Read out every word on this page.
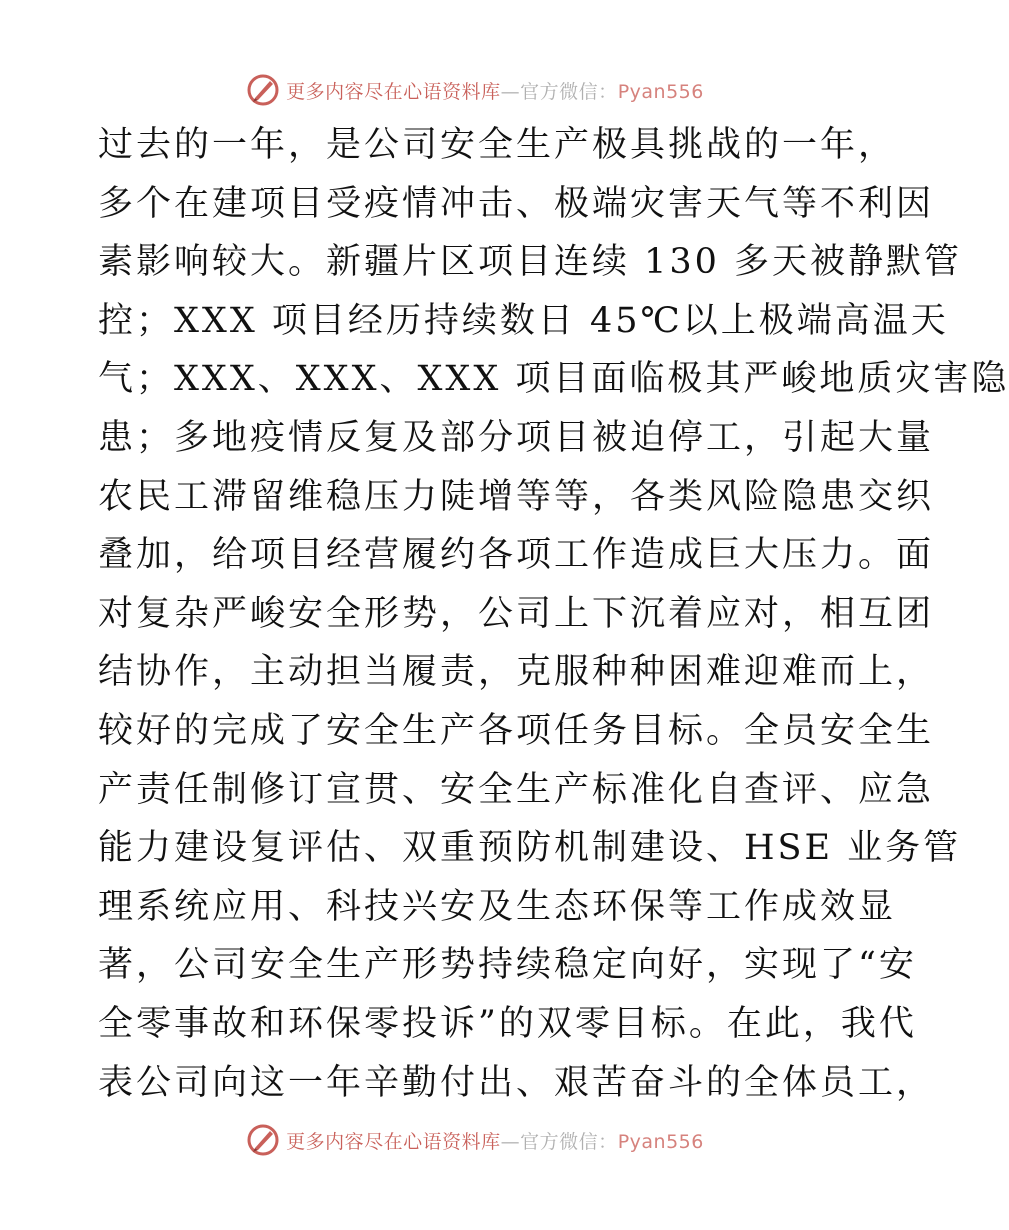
更多内容尽在心语资料库—官方微信：Pyan556
过去的一年，是公司安全生产极具挑战的一年，
多个在建项目受疫情冲击、极端灾害天气等不利因
素影响较大。新疆片区项目连续 130 多天被静默管
控；XXX 项目经历持续数日 45℃以上极端高温天
气；XXX、XXX、XXX 项目面临极其严峻地质灾害隐
患；多地疫情反复及部分项目被迫停工，引起大量
农民工滞留维稳压力陡增等等，各类风险隐患交织
叠加，给项目经营履约各项工作造成巨大压力。面
对复杂严峻安全形势，公司上下沉着应对，相互团
结协作，主动担当履责，克服种种困难迎难而上，
较好的完成了安全生产各项任务目标。全员安全生
产责任制修订宣贯、安全生产标准化自查评、应急
能力建设复评估、双重预防机制建设、HSE 业务管
理系统应用、科技兴安及生态环保等工作成效显
著，公司安全生产形势持续稳定向好，实现了“安
全零事故和环保零投诉”的双零目标。在此，我代
表公司向这一年辛勤付出、艰苦奋斗的全体员工，
更多内容尽在心语资料库—官方微信：Pyan556
